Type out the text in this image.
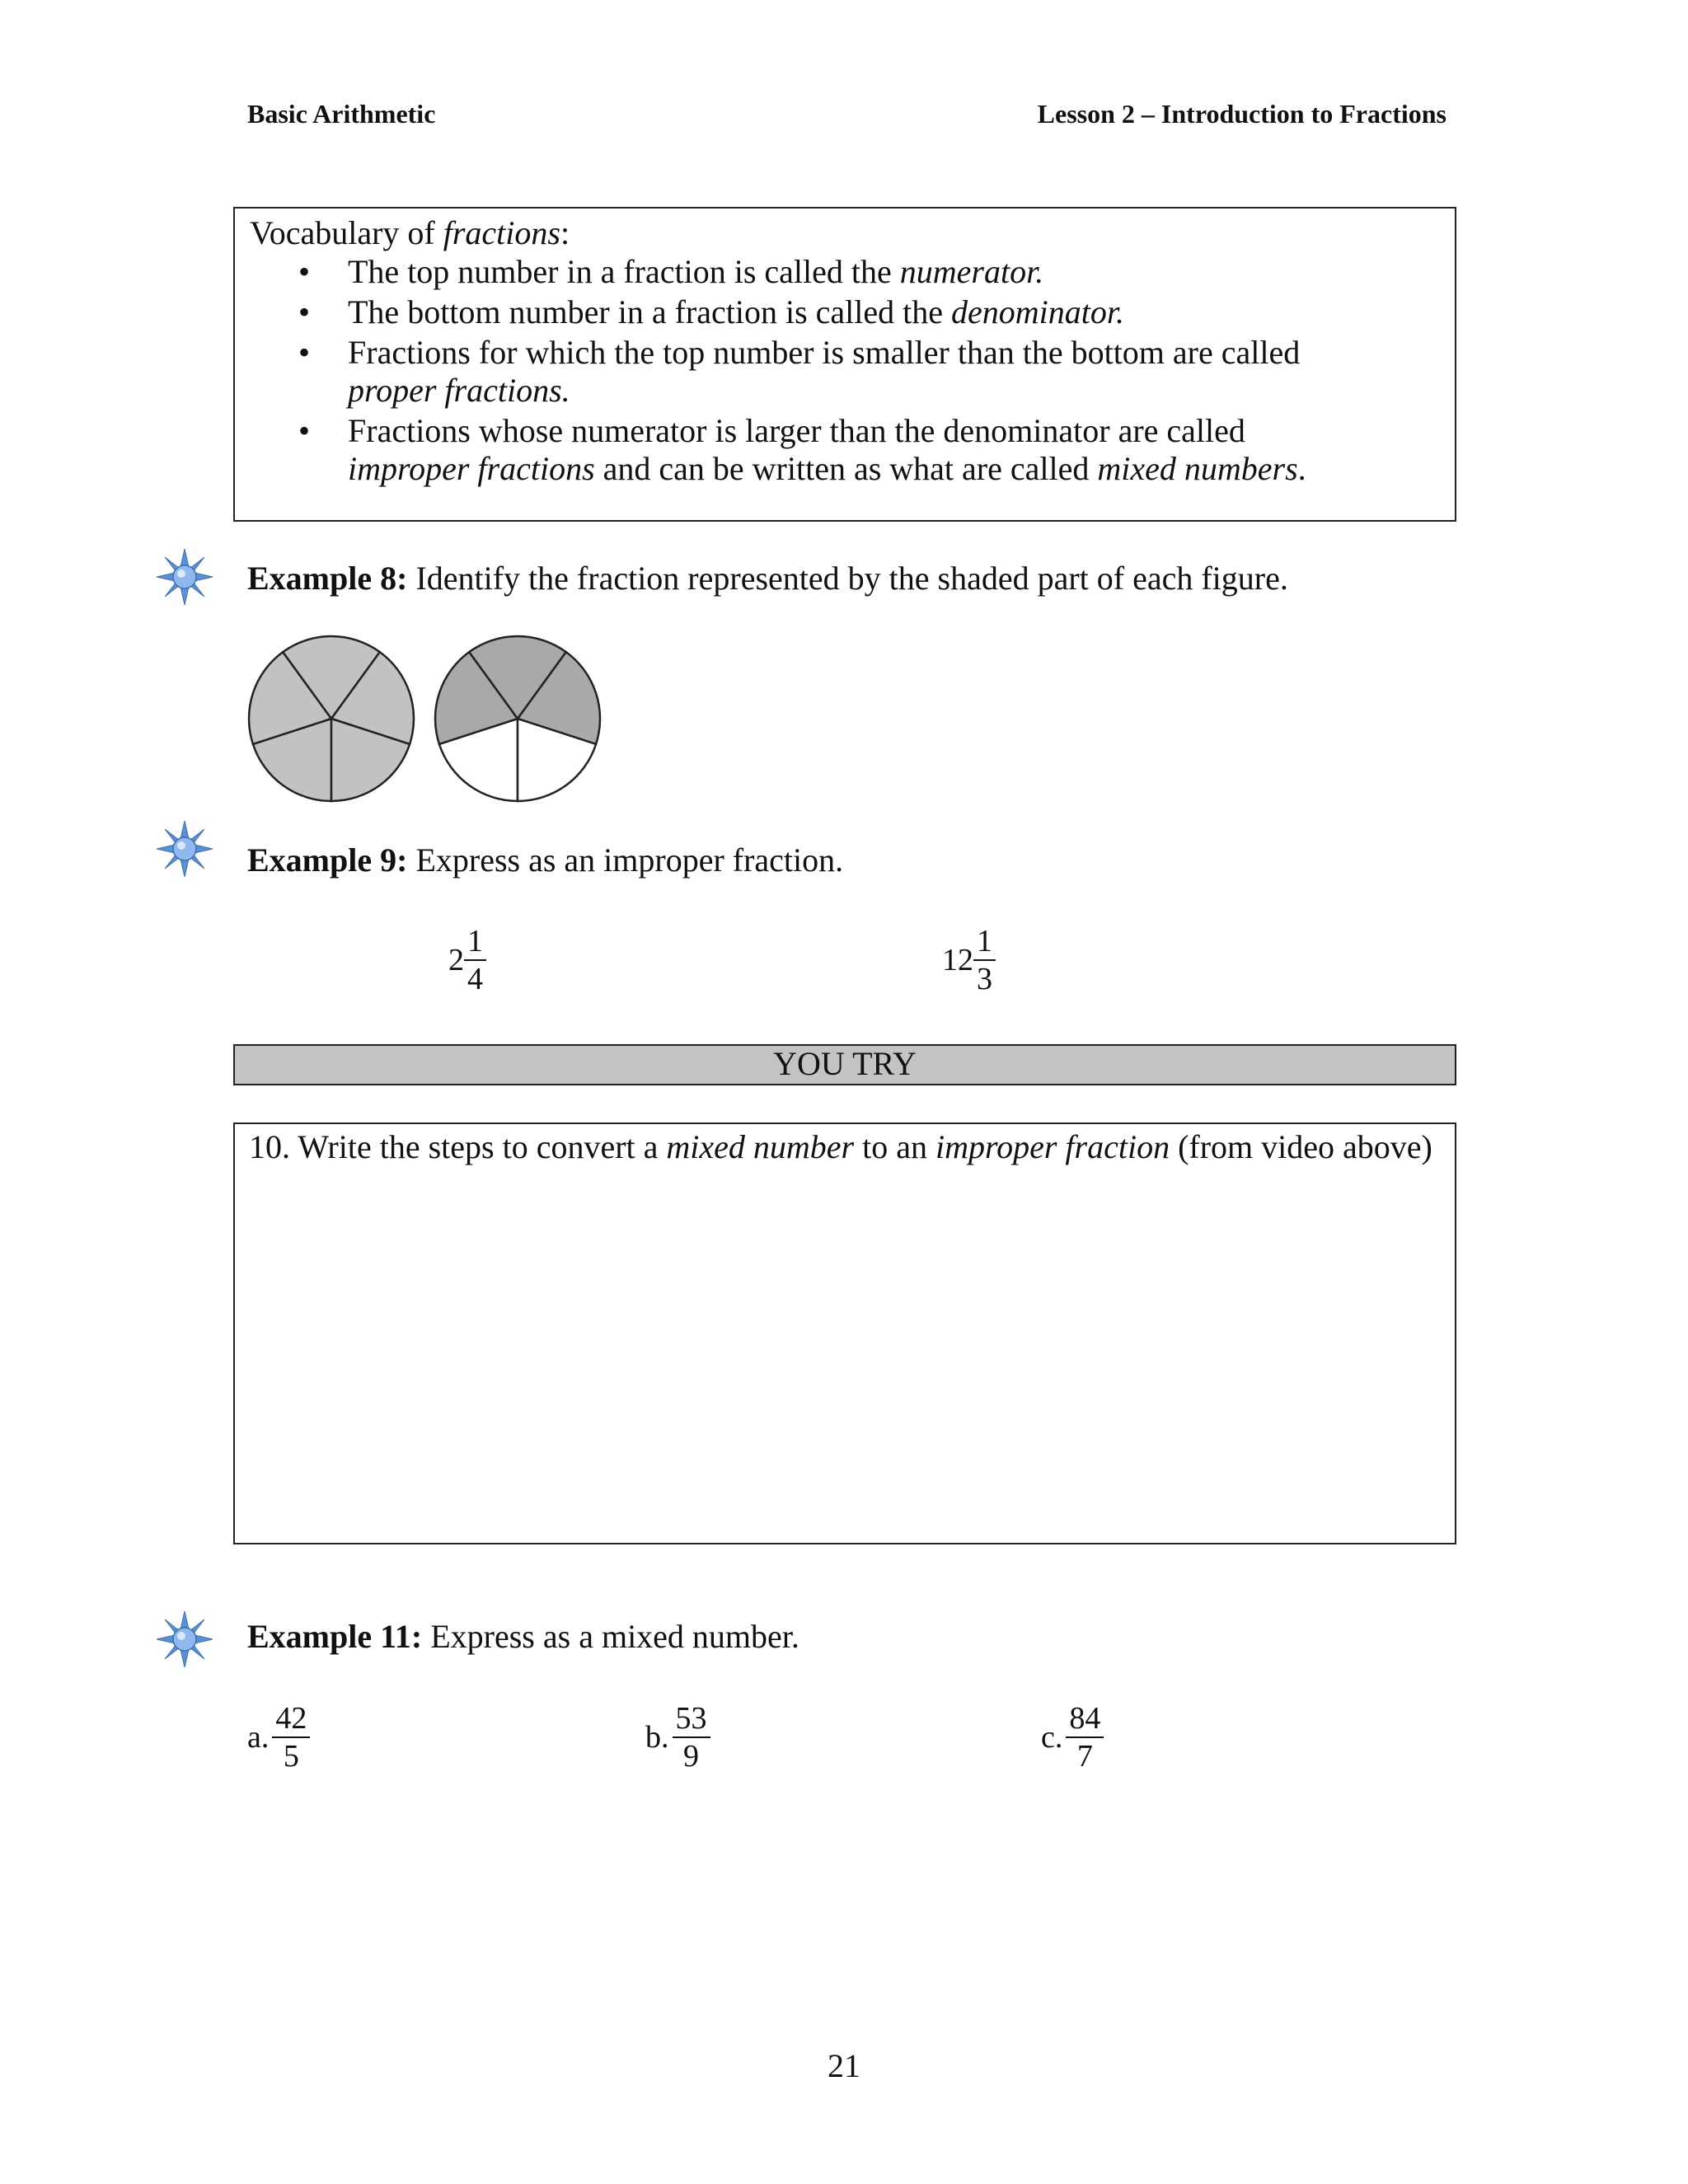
Basic Arithmetic	Lesson 2 – Introduction to Fractions
Vocabulary of fractions:
• The top number in a fraction is called the numerator.
• The bottom number in a fraction is called the denominator.
• Fractions for which the top number is smaller than the bottom are called proper fractions.
• Fractions whose numerator is larger than the denominator are called improper fractions and can be written as what are called mixed numbers.
Example 8: Identify the fraction represented by the shaded part of each figure.
Example 9: Express as an improper fraction.
$2 \frac{1}{4}$	$12 \frac{1}{3}$
YOU TRY
10. Write the steps to convert a mixed number to an improper fraction (from video above)
Example 11: Express as a mixed number.
a. $\frac{42}{5}$	b. $\frac{53}{9}$	c. $\frac{84}{7}$
21
